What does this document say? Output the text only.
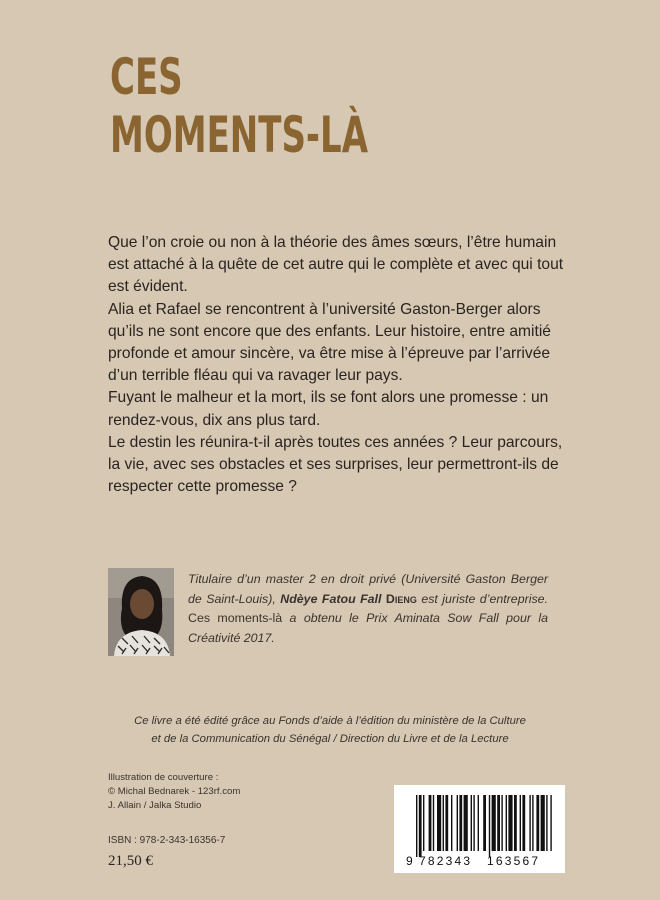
CES
MOMENTS-LÀ

Que l’on croie ou non à la théorie des âmes sœurs, l’être humain est attaché à la quête de cet autre qui le complète et avec qui tout est évident.

Alia et Rafael se rencontrent à l’université Gaston-Berger alors qu’ils ne sont encore que des enfants. Leur histoire, entre amitié profonde et amour sincère, va être mise à l’épreuve par l’arrivée d’un terrible fléau qui va ravager leur pays.

Fuyant le malheur et la mort, ils se font alors une promesse : un rendez-vous, dix ans plus tard.

Le destin les réunira-t-il après toutes ces années ? Leur parcours, la vie, avec ses obstacles et ses surprises, leur permettront-ils de respecter cette promesse ?

Titulaire d’un master 2 en droit privé (Université Gaston Berger de Saint-Louis), Ndèye Fatou Fall Dieng est juriste d’entreprise. Ces moments-là a obtenu le Prix Aminata Sow Fall pour la Créativité 2017.
Ce livre a été édité grâce au Fonds d’aide à l’édition du ministère de la Culture
et de la Communication du Sénégal / Direction du Livre et de la Lecture
Illustration de couverture :
© Michal Bednarek - 123rf.com
J. Allain / Jalka Studio
ISBN : 978-2-343-16356-7
21,50 €	9 782343 163567
